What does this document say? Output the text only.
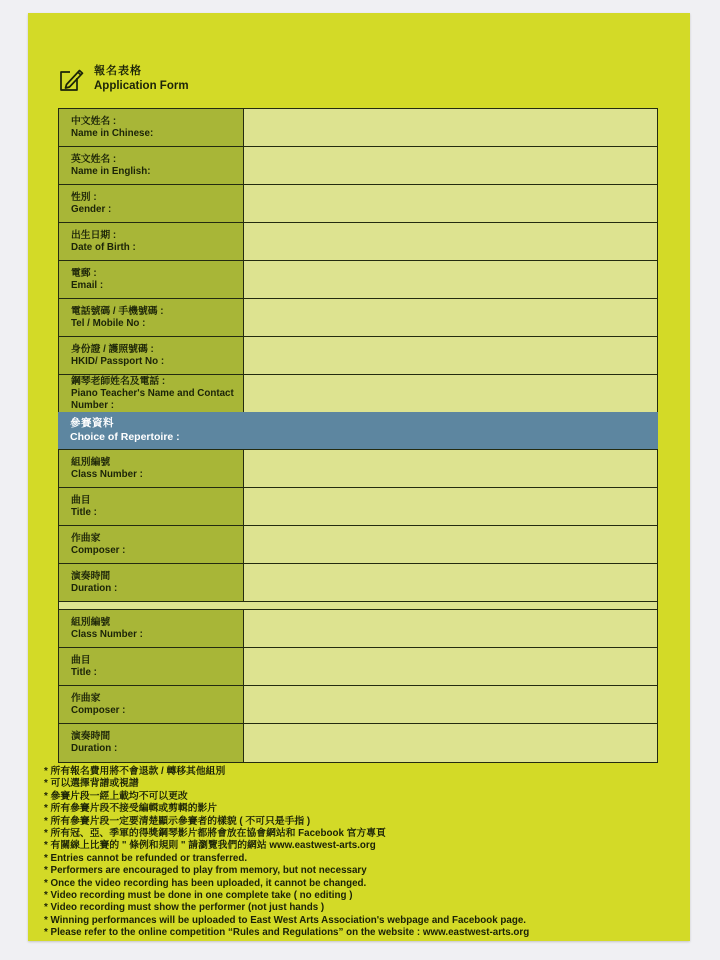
報名表格
Application Form
中文姓名 :
Name in Chinese:
英文姓名 :
Name in English:
性別 :
Gender :
出生日期 :
Date of Birth :
電郵 :
Email :
電話號碼 / 手機號碼 :
Tel / Mobile No :
身份證 / 護照號碼 :
HKID/ Passport No :
鋼琴老師姓名及電話 :
Piano Teacher's Name and Contact Number :
參賽資料
Choice of Repertoire :
組別編號
Class Number :
曲目
Title :
作曲家
Composer :
演奏時間
Duration :
組別編號
Class Number :
曲目
Title :
作曲家
Composer :
演奏時間
Duration :
* 所有報名費用將不會退款 / 轉移其他組別
* 可以選擇背譜或視譜
* 參賽片段一經上載均不可以更改
* 所有參賽片段不接受編輯或剪輯的影片
* 所有參賽片段一定要清楚顯示參賽者的樣貌 ( 不可只是手指 )
* 所有冠、亞、季軍的得獎鋼琴影片都將會放在協會網站和 Facebook 官方專頁
* 有關線上比賽的 " 條例和規則 " 請瀏覽我們的網站 www.eastwest-arts.org
* Entries cannot be refunded or transferred.
* Performers are encouraged to play from memory, but not necessary
* Once the video recording has been uploaded, it cannot be changed.
* Video recording must be done in one complete take ( no editing )
* Video recording must show the performer (not just hands )
* Winning performances will be uploaded to East West Arts Association's webpage and Facebook page.
* Please refer to the online competition “Rules and Regulations” on the website : www.eastwest-arts.org
